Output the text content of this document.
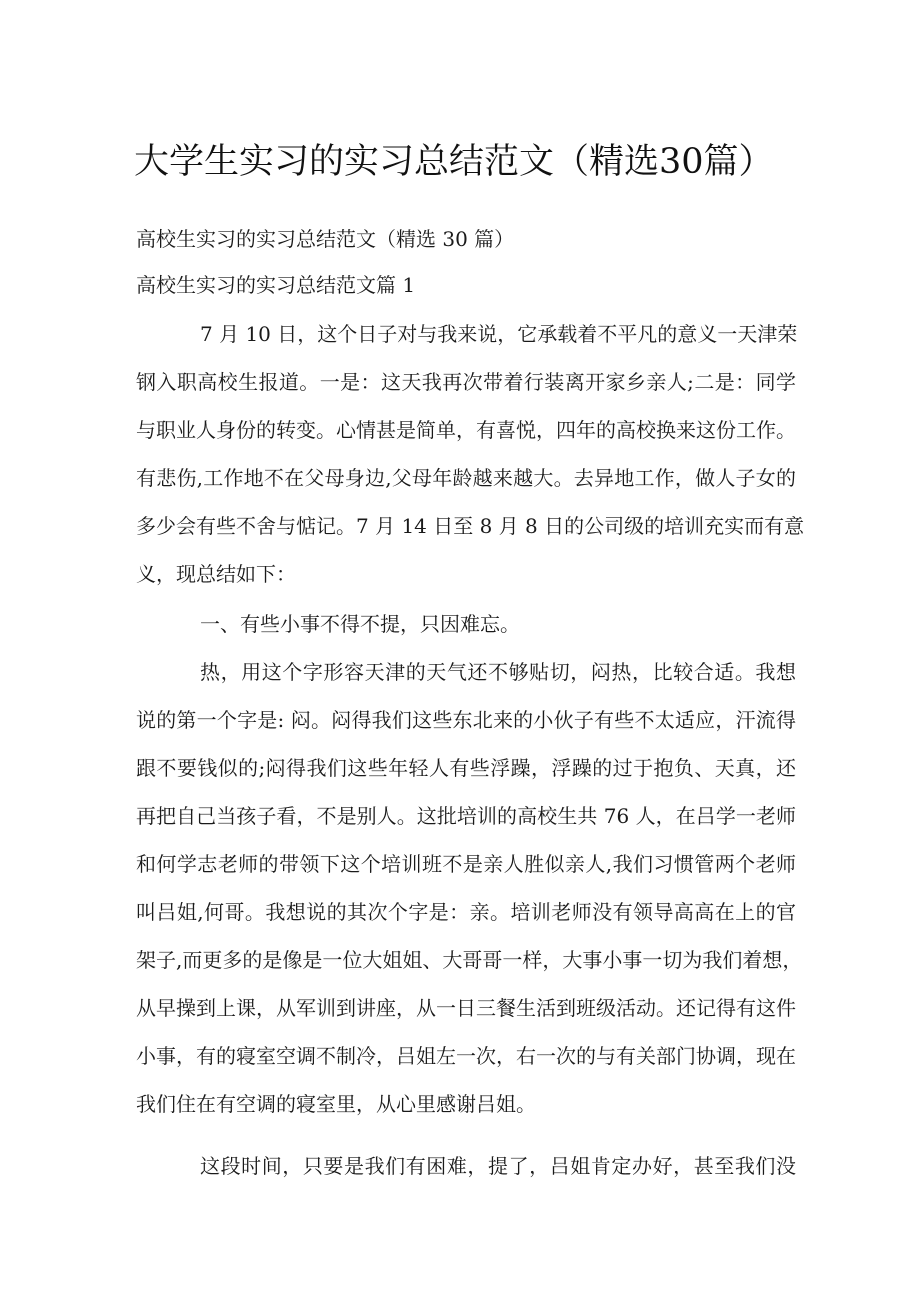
大学生实习的实习总结范文（精选30篇）
高校生实习的实习总结范文（精选 30 篇）
高校生实习的实习总结范文篇 1
7 月 10 日，这个日子对与我来说，它承载着不平凡的意义一天津荣
钢入职高校生报道。一是：这天我再次带着行装离开家乡亲人;二是：同学
与职业人身份的转变。心情甚是简单，有喜悦，四年的高校换来这份工作。
有悲伤,工作地不在父母身边,父母年龄越来越大。去异地工作，做人子女的
多少会有些不舍与惦记。7 月 14 日至 8 月 8 日的公司级的培训充实而有意
义，现总结如下：
一、有些小事不得不提，只因难忘。
热，用这个字形容天津的天气还不够贴切，闷热，比较合适。我想
说的第一个字是: 闷。闷得我们这些东北来的小伙子有些不太适应，汗流得
跟不要钱似的;闷得我们这些年轻人有些浮躁，浮躁的过于抱负、天真，还
再把自己当孩子看，不是别人。这批培训的高校生共 76 人，在吕学一老师
和何学志老师的带领下这个培训班不是亲人胜似亲人,我们习惯管两个老师
叫吕姐,何哥。我想说的其次个字是：亲。培训老师没有领导高高在上的官
架子,而更多的是像是一位大姐姐、大哥哥一样，大事小事一切为我们着想，
从早操到上课，从军训到讲座，从一日三餐生活到班级活动。还记得有这件
小事，有的寝室空调不制冷，吕姐左一次，右一次的与有关部门协调，现在
我们住在有空调的寝室里，从心里感谢吕姐。
这段时间，只要是我们有困难，提了，吕姐肯定办好，甚至我们没
